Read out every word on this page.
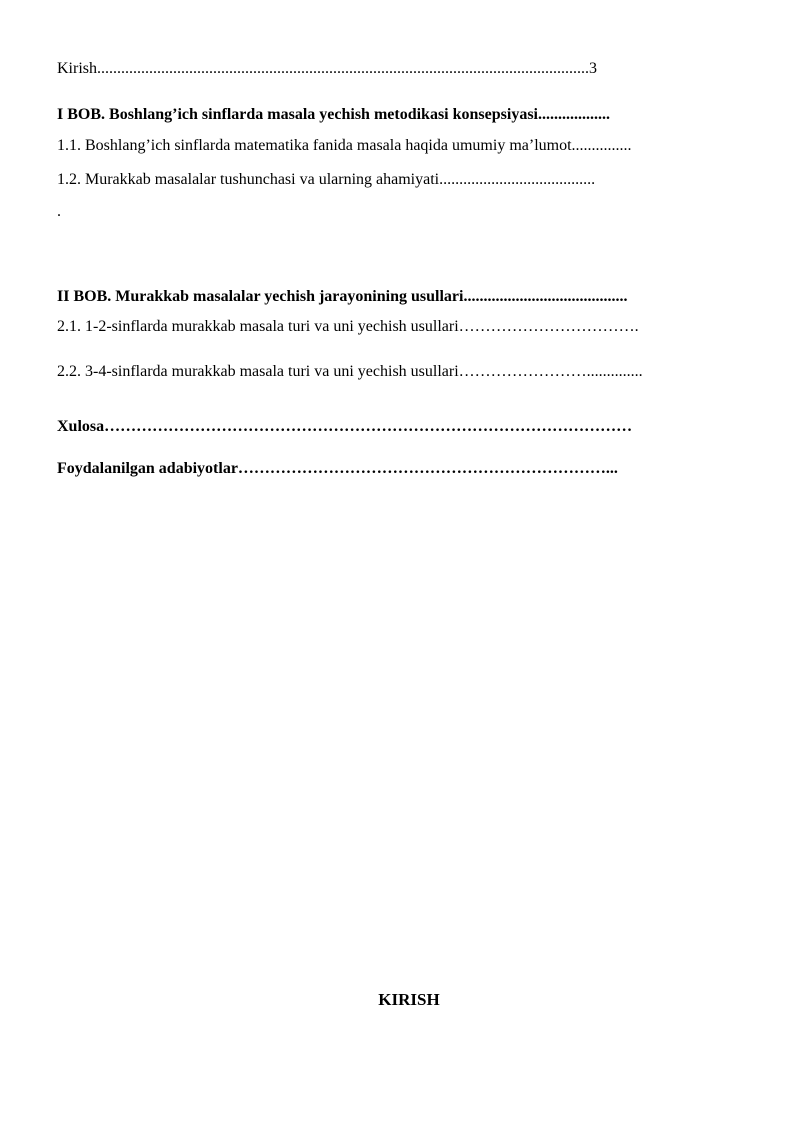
Kirish...........................................................................................................................3
I BOB. Boshlang’ich sinflarda masala yechish metodikasi konsepsiyasi..................
1.1. Boshlang’ich sinflarda matematika fanida masala haqida umumiy ma’lumot...............
1.2. Murakkab masalalar tushunchasi va ularning ahamiyati.......................................
.
II BOB. Murakkab masalalar yechish jarayonining usullari.........................................
2.1. 1-2-sinflarda murakkab masala turi va uni yechish usullari…………………………….
2.2. 3-4-sinflarda murakkab masala turi va uni yechish usullari……………………..............
Xulosa………………………………………………………………………………………
Foydalanilgan adabiyotlar……………………………………………………………...
KIRISH
